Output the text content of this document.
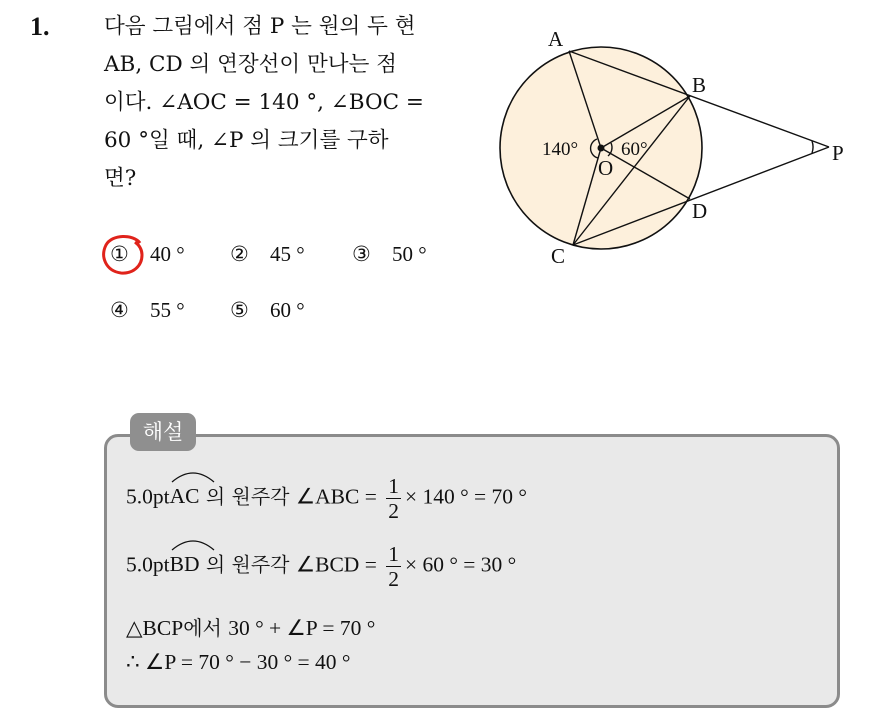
1.	다음 그림에서 점 P 는 원의 두 현
AB, CD 의 연장선이 만나는 점
이다. ∠AOC = 140 °, ∠BOC =
60 °일 때, ∠P 의 크기를 구하
면?
A
B
C
D
O
P
140° 60°
① 40 ° ② 45 ° ③ 50 °
④ 55 ° ⑤ 60 °
해설
5.0pt
AC 의 원주각 ∠ABC = $\frac{1}{2} \times 140$ ° = 70 °
5.0pt
BD 의 원주각 ∠BCD = $\frac{1}{2} \times 60$ ° = 30 °
△BCP에서 30 ° + ∠P = 70 °
∴ ∠P = 70 ° − 30 ° = 40 °
